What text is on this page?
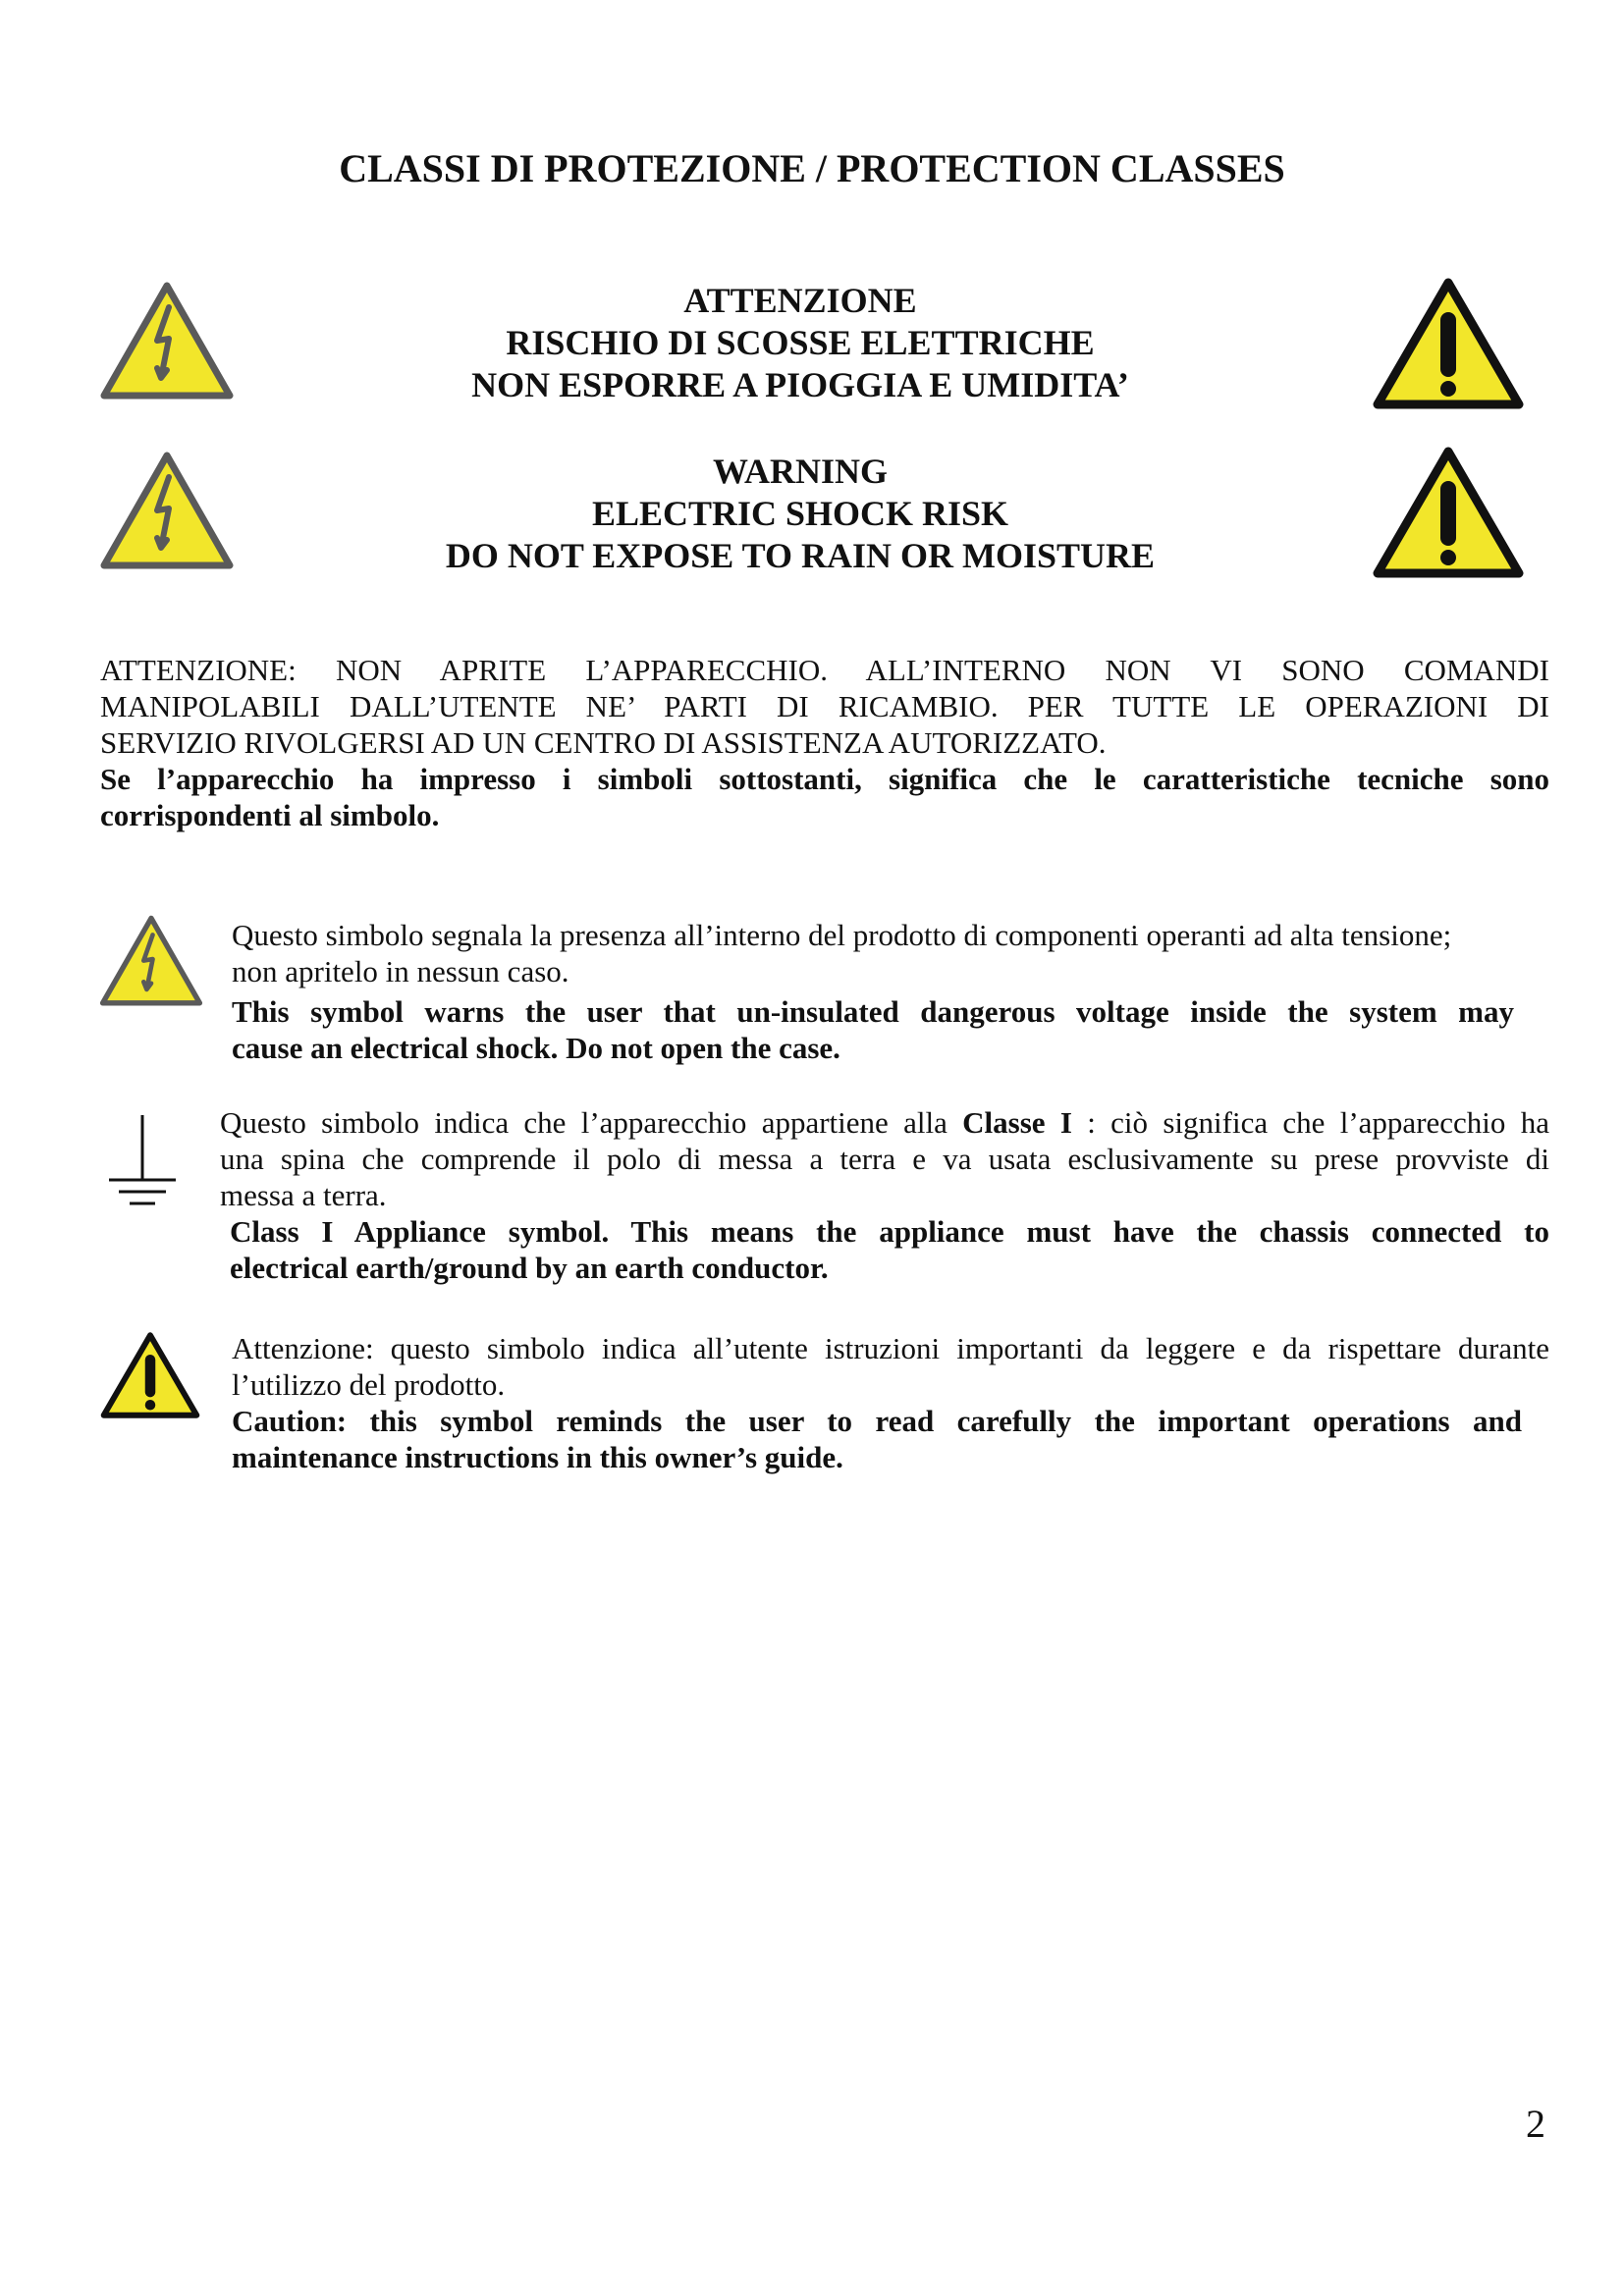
CLASSI DI PROTEZIONE / PROTECTION CLASSES
ATTENZIONE
RISCHIO DI SCOSSE ELETTRICHE
NON ESPORRE A PIOGGIA E UMIDITA’
WARNING
ELECTRIC SHOCK RISK
DO NOT EXPOSE TO RAIN OR MOISTURE
ATTENZIONE: NON APRITE L’APPARECCHIO. ALL’INTERNO NON VI SONO COMANDI
MANIPOLABILI DALL’UTENTE NE’ PARTI DI RICAMBIO. PER TUTTE LE OPERAZIONI DI
SERVIZIO RIVOLGERSI AD UN CENTRO DI ASSISTENZA AUTORIZZATO.
Se l’apparecchio ha impresso i simboli sottostanti, significa che le caratteristiche tecniche sono
corrispondenti al simbolo.
Questo simbolo segnala la presenza all’interno del prodotto di componenti operanti ad alta tensione;
non apritelo in nessun caso.
This symbol warns the user that un-insulated dangerous voltage inside the system may
cause an electrical shock. Do not open the case.
Questo simbolo indica che l’apparecchio appartiene alla Classe I : ciò significa che l’apparecchio ha
una spina che comprende il polo di messa a terra e va usata esclusivamente su prese provviste di
messa a terra.
Class I Appliance symbol. This means the appliance must have the chassis connected to
electrical earth/ground by an earth conductor.
Attenzione: questo simbolo indica all’utente istruzioni importanti da leggere e da rispettare durante
l’utilizzo del prodotto.
Caution: this symbol reminds the user to read carefully the important operations and
maintenance instructions in this owner’s guide.
2
